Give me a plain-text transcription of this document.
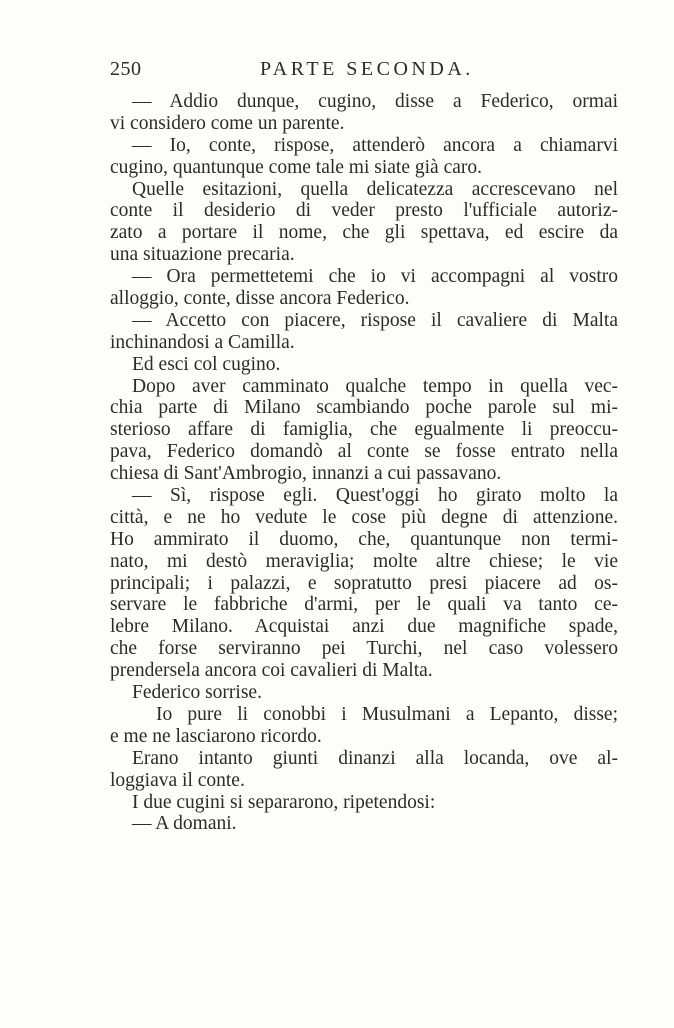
250	PARTE SECONDA.
— Addio dunque, cugino, disse a Federico, ormai
vi considero come un parente.
— Io, conte, rispose, attenderò ancora a chiamarvi
cugino, quantunque come tale mi siate già caro.
Quelle esitazioni, quella delicatezza accrescevano nel
conte il desiderio di veder presto l'ufficiale autoriz-
zato a portare il nome, che gli spettava, ed escire da
una situazione precaria.
— Ora permettetemi che io vi accompagni al vostro
alloggio, conte, disse ancora Federico.
— Accetto con piacere, rispose il cavaliere di Malta
inchinandosi a Camilla.
Ed esci col cugino.
Dopo aver camminato qualche tempo in quella vec-
chia parte di Milano scambiando poche parole sul mi-
sterioso affare di famiglia, che egualmente li preoccu-
pava, Federico domandò al conte se fosse entrato nella
chiesa di Sant'Ambrogio, innanzi a cui passavano.
— Sì, rispose egli. Quest'oggi ho girato molto la
città, e ne ho vedute le cose più degne di attenzione.
Ho ammirato il duomo, che, quantunque non termi-
nato, mi destò meraviglia; molte altre chiese; le vie
principali; i palazzi, e sopratutto presi piacere ad os-
servare le fabbriche d'armi, per le quali va tanto ce-
lebre Milano. Acquistai anzi due magnifiche spade,
che forse serviranno pei Turchi, nel caso volessero
prendersela ancora coi cavalieri di Malta.
Federico sorrise.
Io pure li conobbi i Musulmani a Lepanto, disse;
e me ne lasciarono ricordo.
Erano intanto giunti dinanzi alla locanda, ove al-
loggiava il conte.
I due cugini si separarono, ripetendosi:
— A domani.
